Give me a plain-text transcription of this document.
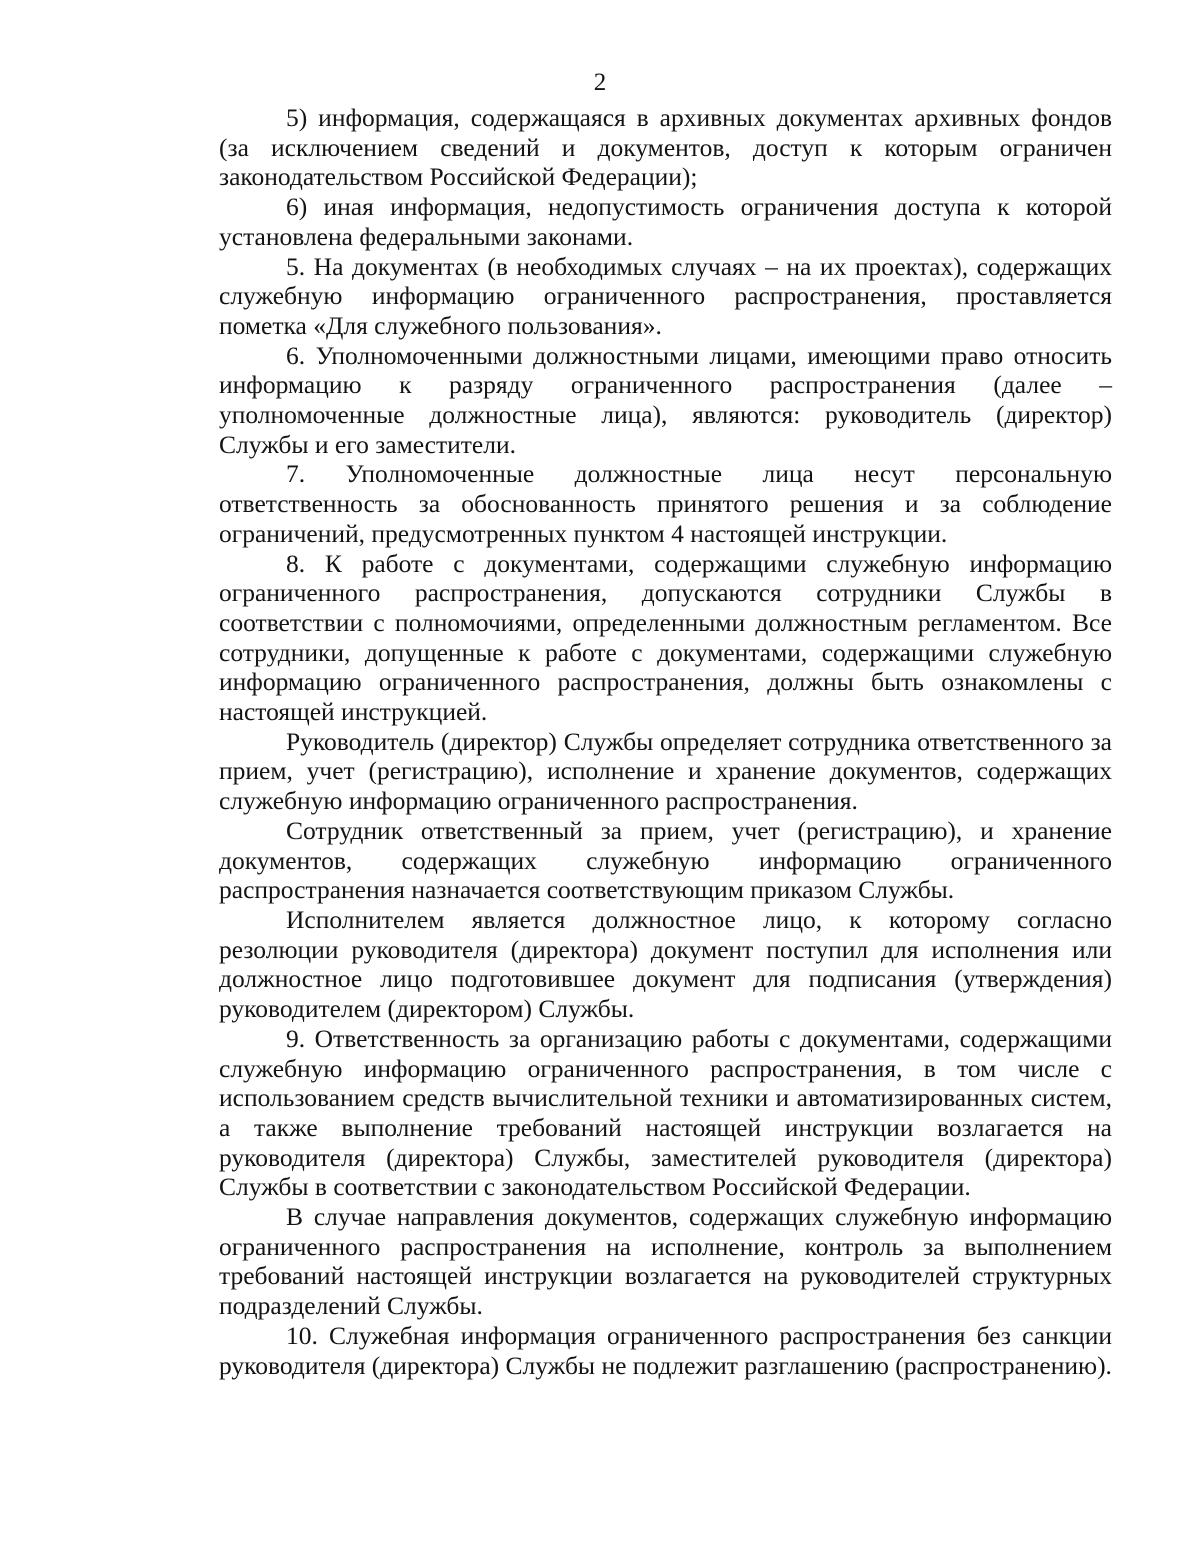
2

5) информация, содержащаяся в архивных документах архивных фондов (за исключением сведений и документов, доступ к которым ограничен законодательством Российской Федерации);

6) иная информация, недопустимость ограничения доступа к которой установлена федеральными законами.

5. На документах (в необходимых случаях – на их проектах), содержащих служебную информацию ограниченного распространения, проставляется пометка «Для служебного пользования».

6. Уполномоченными должностными лицами, имеющими право относить информацию к разряду ограниченного распространения (далее – уполномоченные должностные лица), являются: руководитель (директор) Службы и его заместители.

7. Уполномоченные должностные лица несут персональную ответственность за обоснованность принятого решения и за соблюдение ограничений, предусмотренных пунктом 4 настоящей инструкции.

8. К работе с документами, содержащими служебную информацию ограниченного распространения, допускаются сотрудники Службы в соответствии с полномочиями, определенными должностным регламентом. Все сотрудники, допущенные к работе с документами, содержащими служебную информацию ограниченного распространения, должны быть ознакомлены с настоящей инструкцией.

Руководитель (директор) Службы определяет сотрудника ответственного за прием, учет (регистрацию), исполнение и хранение документов, содержащих служебную информацию ограниченного распространения.

Сотрудник ответственный за прием, учет (регистрацию), и хранение документов, содержащих служебную информацию ограниченного распространения назначается соответствующим приказом Службы.

Исполнителем является должностное лицо, к которому согласно резолюции руководителя (директора) документ поступил для исполнения или должностное лицо подготовившее документ для подписания (утверждения) руководителем (директором) Службы.

9. Ответственность за организацию работы с документами, содержащими служебную информацию ограниченного распространения, в том числе с использованием средств вычислительной техники и автоматизированных систем, а также выполнение требований настоящей инструкции возлагается на руководителя (директора) Службы, заместителей руководителя (директора) Службы в соответствии с законодательством Российской Федерации.

В случае направления документов, содержащих служебную информацию ограниченного распространения на исполнение, контроль за выполнением требований настоящей инструкции возлагается на руководителей структурных подразделений Службы.

10. Служебная информация ограниченного распространения без санкции руководителя (директора) Службы не подлежит разглашению (распространению).
